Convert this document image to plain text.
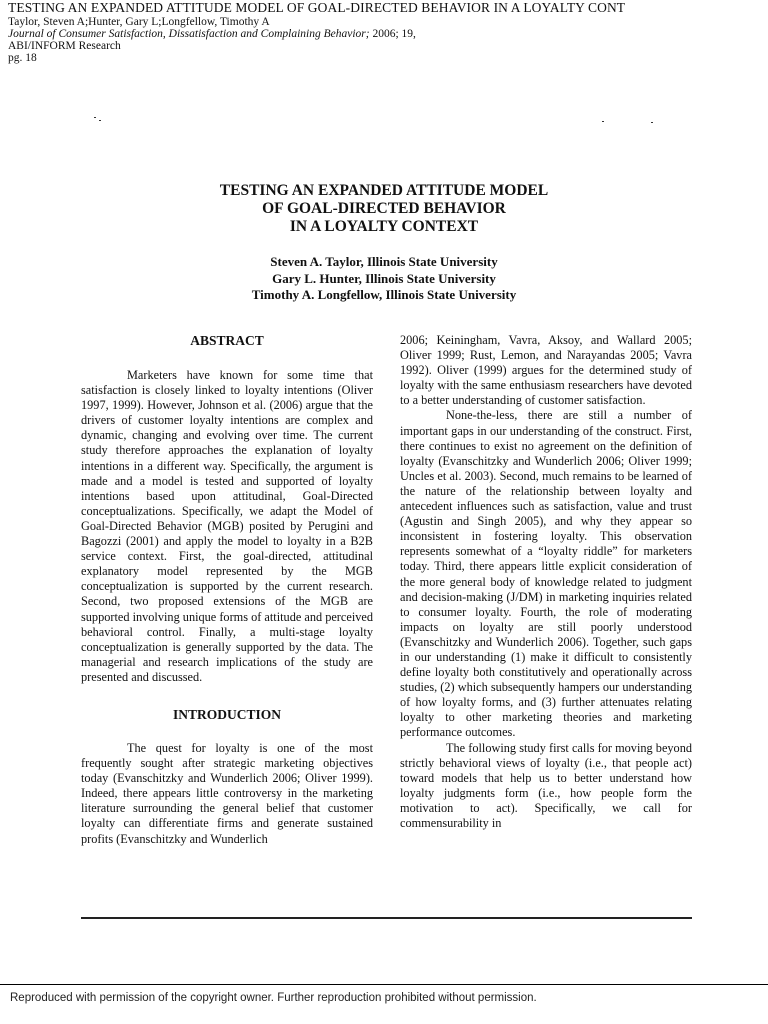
TESTING AN EXPANDED ATTITUDE MODEL OF GOAL-DIRECTED BEHAVIOR IN A LOYALTY CONT
Taylor, Steven A;Hunter, Gary L;Longfellow, Timothy A
Journal of Consumer Satisfaction, Dissatisfaction and Complaining Behavior; 2006; 19,
ABI/INFORM Research
pg. 18
TESTING AN EXPANDED ATTITUDE MODEL
OF GOAL-DIRECTED BEHAVIOR
IN A LOYALTY CONTEXT
Steven A. Taylor, Illinois State University
Gary L. Hunter, Illinois State University
Timothy A. Longfellow, Illinois State University
ABSTRACT

Marketers have known for some time that satisfaction is closely linked to loyalty intentions (Oliver 1997, 1999). However, Johnson et al. (2006) argue that the drivers of customer loyalty intentions are complex and dynamic, changing and evolving over time. The current study therefore approaches the explanation of loyalty intentions in a different way. Specifically, the argument is made and a model is tested and supported of loyalty intentions based upon attitudinal, Goal-Directed conceptualizations. Specifically, we adapt the Model of Goal-Directed Behavior (MGB) posited by Perugini and Bagozzi (2001) and apply the model to loyalty in a B2B service context. First, the goal-directed, attitudinal explanatory model represented by the MGB conceptualization is supported by the current research. Second, two proposed extensions of the MGB are supported involving unique forms of attitude and perceived behavioral control. Finally, a multi-stage loyalty conceptualization is generally supported by the data. The managerial and research implications of the study are presented and discussed.

INTRODUCTION

The quest for loyalty is one of the most frequently sought after strategic marketing objectives today (Evanschitzky and Wunderlich 2006; Oliver 1999). Indeed, there appears little controversy in the marketing literature surrounding the general belief that customer loyalty can differentiate firms and generate sustained profits (Evanschitzky and Wunderlich

2006; Keiningham, Vavra, Aksoy, and Wallard 2005; Oliver 1999; Rust, Lemon, and Narayandas 2005; Vavra 1992). Oliver (1999) argues for the determined study of loyalty with the same enthusiasm researchers have devoted to a better understanding of customer satisfaction.

None-the-less, there are still a number of important gaps in our understanding of the construct. First, there continues to exist no agreement on the definition of loyalty (Evanschitzky and Wunderlich 2006; Oliver 1999; Uncles et al. 2003). Second, much remains to be learned of the nature of the relationship between loyalty and antecedent influences such as satisfaction, value and trust (Agustin and Singh 2005), and why they appear so inconsistent in fostering loyalty. This observation represents somewhat of a “loyalty riddle” for marketers today. Third, there appears little explicit consideration of the more general body of knowledge related to judgment and decision-making (J/DM) in marketing inquiries related to consumer loyalty. Fourth, the role of moderating impacts on loyalty are still poorly understood (Evanschitzky and Wunderlich 2006). Together, such gaps in our understanding (1) make it difficult to consistently define loyalty both constitutively and operationally across studies, (2) which subsequently hampers our understanding of how loyalty forms, and (3) further attenuates relating loyalty to other marketing theories and marketing performance outcomes.

The following study first calls for moving beyond strictly behavioral views of loyalty (i.e., that people act) toward models that help us to better understand how loyalty judgments form (i.e., how people form the motivation to act). Specifically, we call for commensurability in

Reproduced with permission of the copyright owner. Further reproduction prohibited without permission.
